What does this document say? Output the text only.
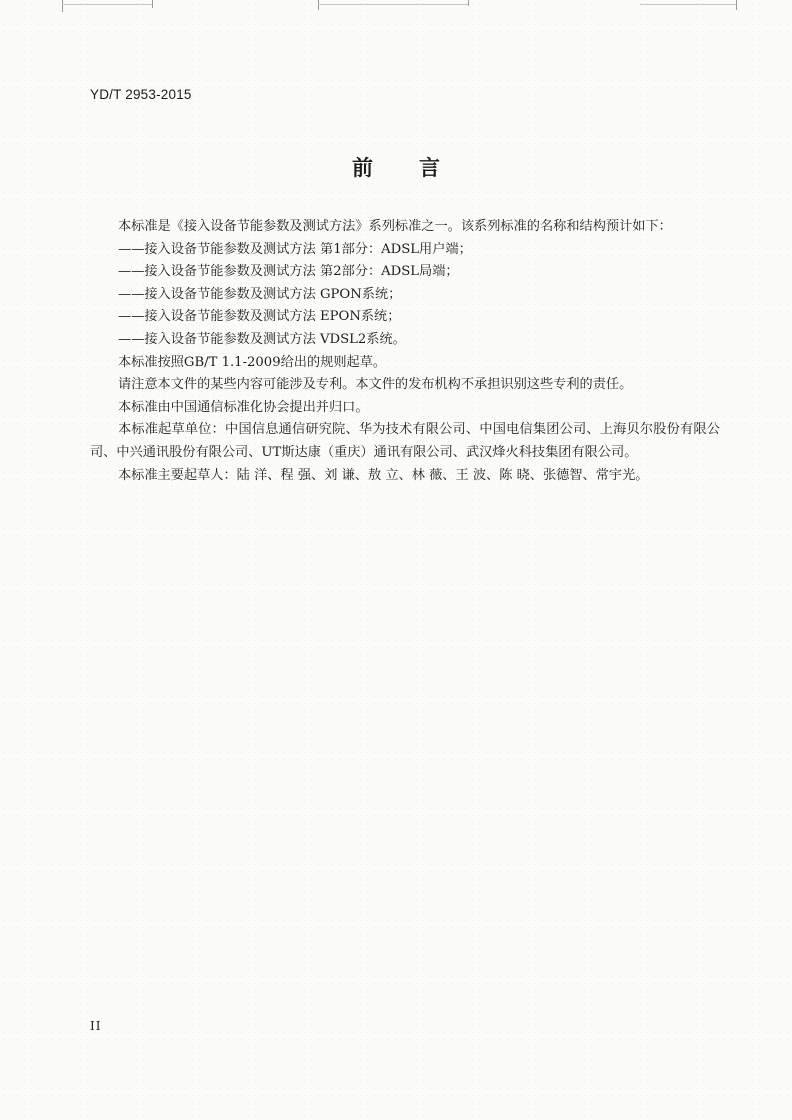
YD/T 2953-2015
前 言

本标准是《接入设备节能参数及测试方法》系列标准之一。该系列标准的名称和结构预计如下：

——接入设备节能参数及测试方法 第1部分：ADSL用户端；

——接入设备节能参数及测试方法 第2部分：ADSL局端；

——接入设备节能参数及测试方法 GPON系统；

——接入设备节能参数及测试方法 EPON系统；

——接入设备节能参数及测试方法 VDSL2系统。

本标准按照GB/T 1.1-2009给出的规则起草。

请注意本文件的某些内容可能涉及专利。本文件的发布机构不承担识别这些专利的责任。

本标准由中国通信标准化协会提出并归口。

本标准起草单位：中国信息通信研究院、华为技术有限公司、中国电信集团公司、上海贝尔股份有限公司、中兴通讯股份有限公司、UT斯达康（重庆）通讯有限公司、武汉烽火科技集团有限公司。

本标准主要起草人：陆 洋、程 强、刘 谦、敖 立、林 薇、王 波、陈 晓、张德智、常宇光。

II
